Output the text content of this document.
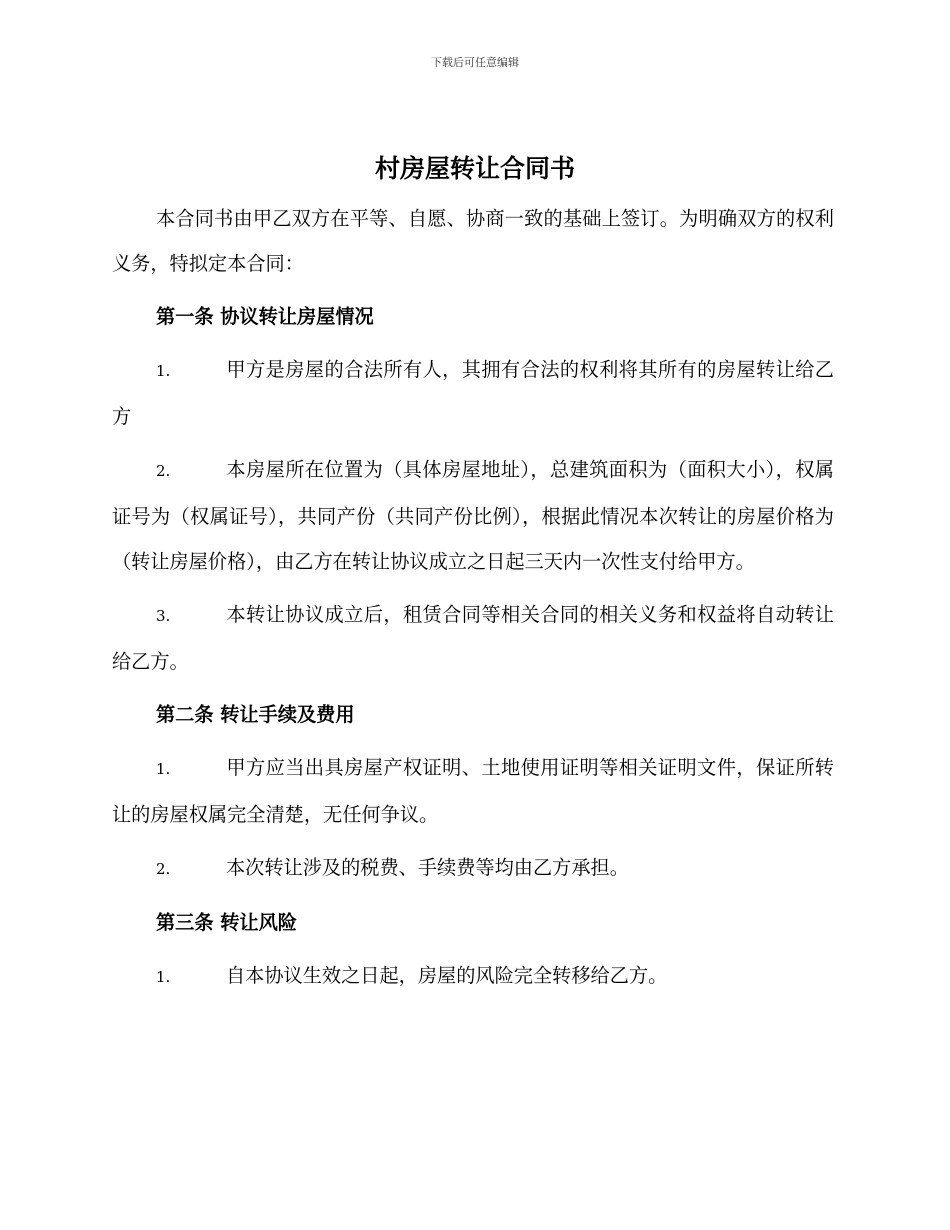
下载后可任意编辑

村房屋转让合同书

本合同书由甲乙双方在平等、自愿、协商一致的基础上签订。为明确双方的权利义务，特拟定本合同：

第一条 协议转让房屋情况

1.	甲方是房屋的合法所有人，其拥有合法的权利将其所有的房屋转让给乙方

2.	本房屋所在位置为（具体房屋地址），总建筑面积为（面积大小），权属证号为（权属证号），共同产份（共同产份比例），根据此情况本次转让的房屋价格为（转让房屋价格），由乙方在转让协议成立之日起三天内一次性支付给甲方。

3.	本转让协议成立后，租赁合同等相关合同的相关义务和权益将自动转让给乙方。

第二条 转让手续及费用

1.	甲方应当出具房屋产权证明、土地使用证明等相关证明文件，保证所转让的房屋权属完全清楚，无任何争议。

2.	本次转让涉及的税费、手续费等均由乙方承担。

第三条 转让风险

1.	自本协议生效之日起，房屋的风险完全转移给乙方。
